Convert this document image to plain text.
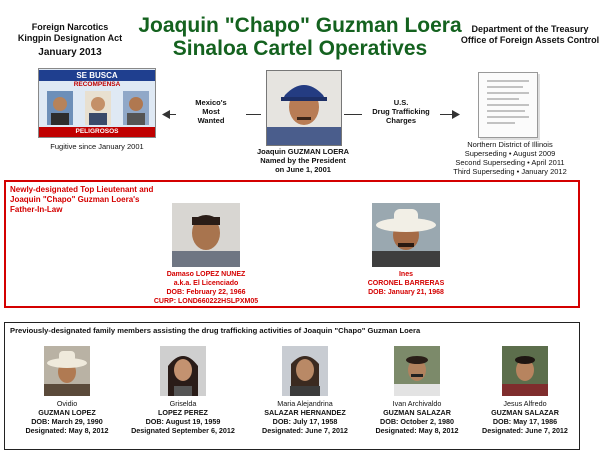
Foreign Narcotics
Kingpin Designation Act
January 2013
Joaquin "Chapo" Guzman Loera
Sinaloa Cartel Operatives
Department of the Treasury
Office of Foreign Assets Control
SE BUSCA
RECOMPENSA
PELIGROSOS
Fugitive since January 2001
Mexico's
Most
Wanted
Joaquin GUZMAN LOERA
Named by the President
on June 1, 2001
U.S.
Drug Trafficking
Charges
Northern District of Illinois
Superseding • August 2009
Second Superseding • April 2011
Third Superseding • January 2012
Newly-designated Top Lieutenant and
Joaquin "Chapo" Guzman Loera's
Father-In-Law
Damaso LOPEZ NUNEZ
a.k.a. El Licenciado
DOB: February 22, 1966
CURP: LOND660222HSLPXM05
Ines
CORONEL BARRERAS
DOB: January 21, 1968
Previously-designated family members assisting the drug trafficking activities of Joaquin "Chapo" Guzman Loera
Ovidio
GUZMAN LOPEZ
DOB: March 29, 1990
Designated: May 8, 2012
Griselda
LOPEZ PEREZ
DOB: August 19, 1959
Designated September 6, 2012
Maria Alejandrina
SALAZAR HERNANDEZ
DOB: July 17, 1958
Designated: June 7, 2012
Ivan Archivaldo
GUZMAN SALAZAR
DOB: October 2, 1980
Designated: May 8, 2012
Jesus Alfredo
GUZMAN SALAZAR
DOB: May 17, 1986
Designated: June 7, 2012
